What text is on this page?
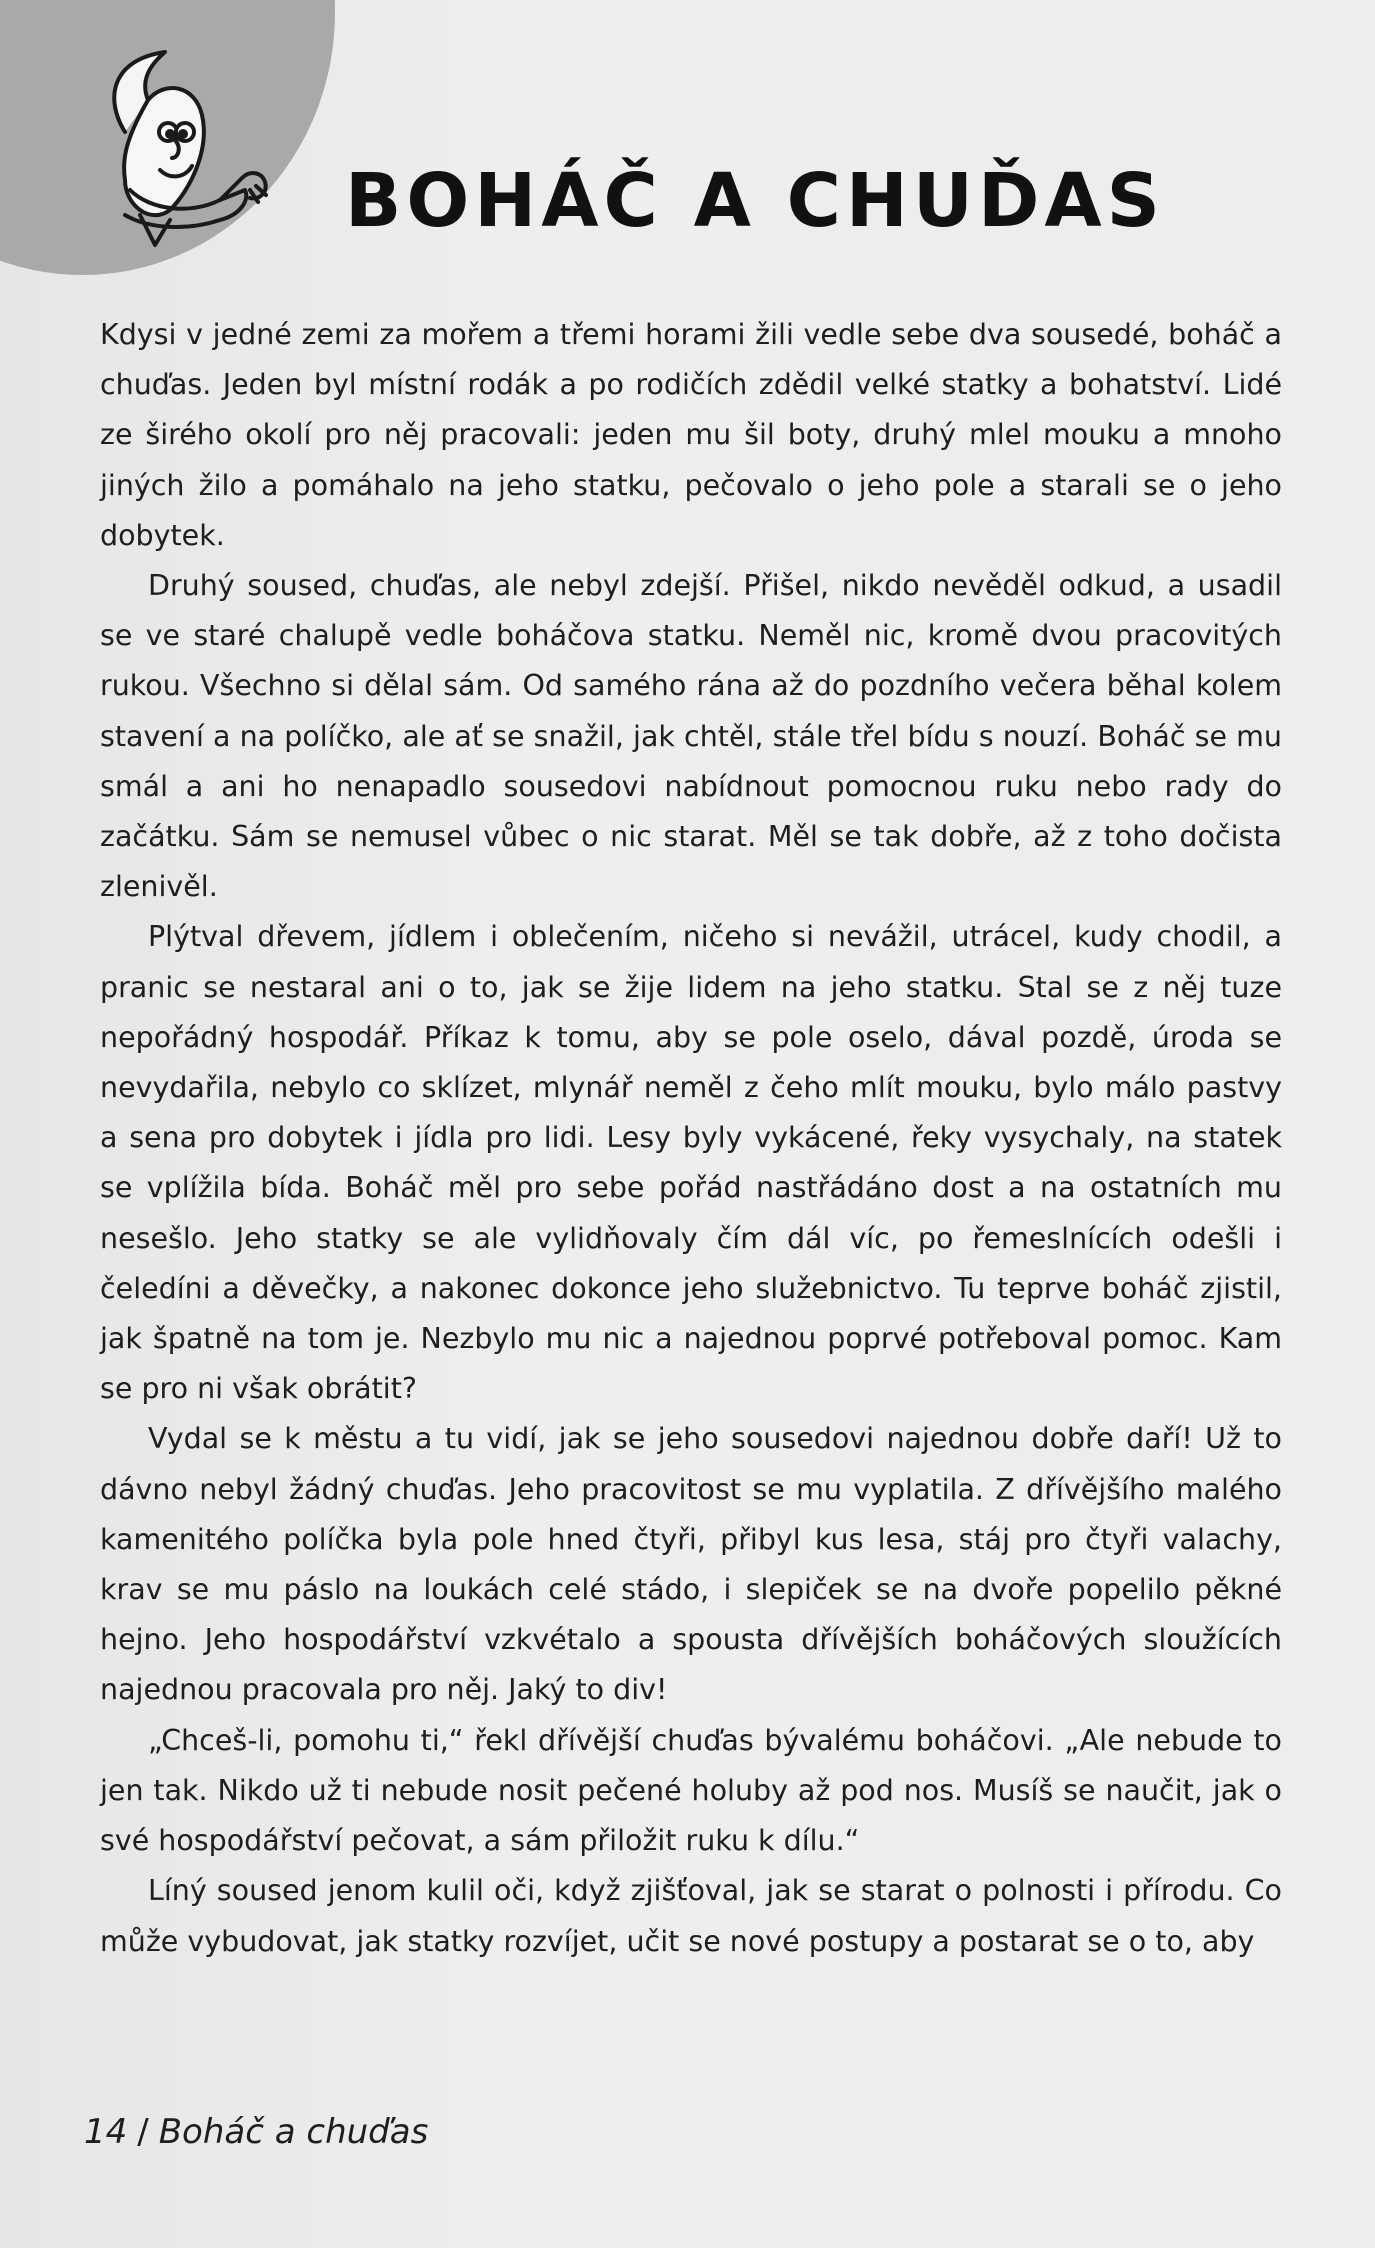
BOHÁČ A CHUĎAS

Kdysi v jedné zemi za mořem a třemi horami žili vedle sebe dva sousedé, boháč a chuďas. Jeden byl místní rodák a po rodičích zdědil velké statky a bohatství. Lidé ze širého okolí pro něj pracovali: jeden mu šil boty, druhý mlel mouku a mnoho jiných žilo a pomáhalo na jeho statku, pečovalo o jeho pole a starali se o jeho dobytek.

Druhý soused, chuďas, ale nebyl zdejší. Přišel, nikdo nevěděl odkud, a usadil se ve staré chalupě vedle boháčova statku. Neměl nic, kromě dvou pracovitých rukou. Všechno si dělal sám. Od samého rána až do pozdního večera běhal kolem stavení a na políčko, ale ať se snažil, jak chtěl, stále třel bídu s nouzí. Boháč se mu smál a ani ho nenapadlo sousedovi nabídnout pomocnou ruku nebo rady do začátku. Sám se nemusel vůbec o nic starat. Měl se tak dobře, až z toho dočista zlenivěl.

Plýtval dřevem, jídlem i oblečením, ničeho si nevážil, utrácel, kudy chodil, a pranic se nestaral ani o to, jak se žije lidem na jeho statku. Stal se z něj tuze nepořádný hospodář. Příkaz k tomu, aby se pole oselo, dával pozdě, úroda se nevydařila, nebylo co sklízet, mlynář neměl z čeho mlít mouku, bylo málo pastvy a sena pro dobytek i jídla pro lidi. Lesy byly vykácené, řeky vysychaly, na statek se vplížila bída. Boháč měl pro sebe pořád nastřádáno dost a na ostatních mu nesešlo. Jeho statky se ale vylidňovaly čím dál víc, po řemeslnících odešli i čeledíni a děvečky, a nakonec dokonce jeho služebnictvo. Tu teprve boháč zjistil, jak špatně na tom je. Nezbylo mu nic a najednou poprvé potřeboval pomoc. Kam se pro ni však obrátit?

Vydal se k městu a tu vidí, jak se jeho sousedovi najednou dobře daří! Už to dávno nebyl žádný chuďas. Jeho pracovitost se mu vyplatila. Z dřívějšího malého kamenitého políčka byla pole hned čtyři, přibyl kus lesa, stáj pro čtyři valachy, krav se mu páslo na loukách celé stádo, i slepiček se na dvoře popelilo pěkné hejno. Jeho hospodářství vzkvétalo a spousta dřívějších boháčových sloužících najednou pracovala pro něj. Jaký to div!

„Chceš-li, pomohu ti,“ řekl dřívější chuďas bývalému boháčovi. „Ale nebude to jen tak. Nikdo už ti nebude nosit pečené holuby až pod nos. Musíš se naučit, jak o své hospodářství pečovat, a sám přiložit ruku k dílu.“

Líný soused jenom kulil oči, když zjišťoval, jak se starat o polnosti i přírodu. Co může vybudovat, jak statky rozvíjet, učit se nové postupy a postarat se o to, aby

14 / Boháč a chuďas
